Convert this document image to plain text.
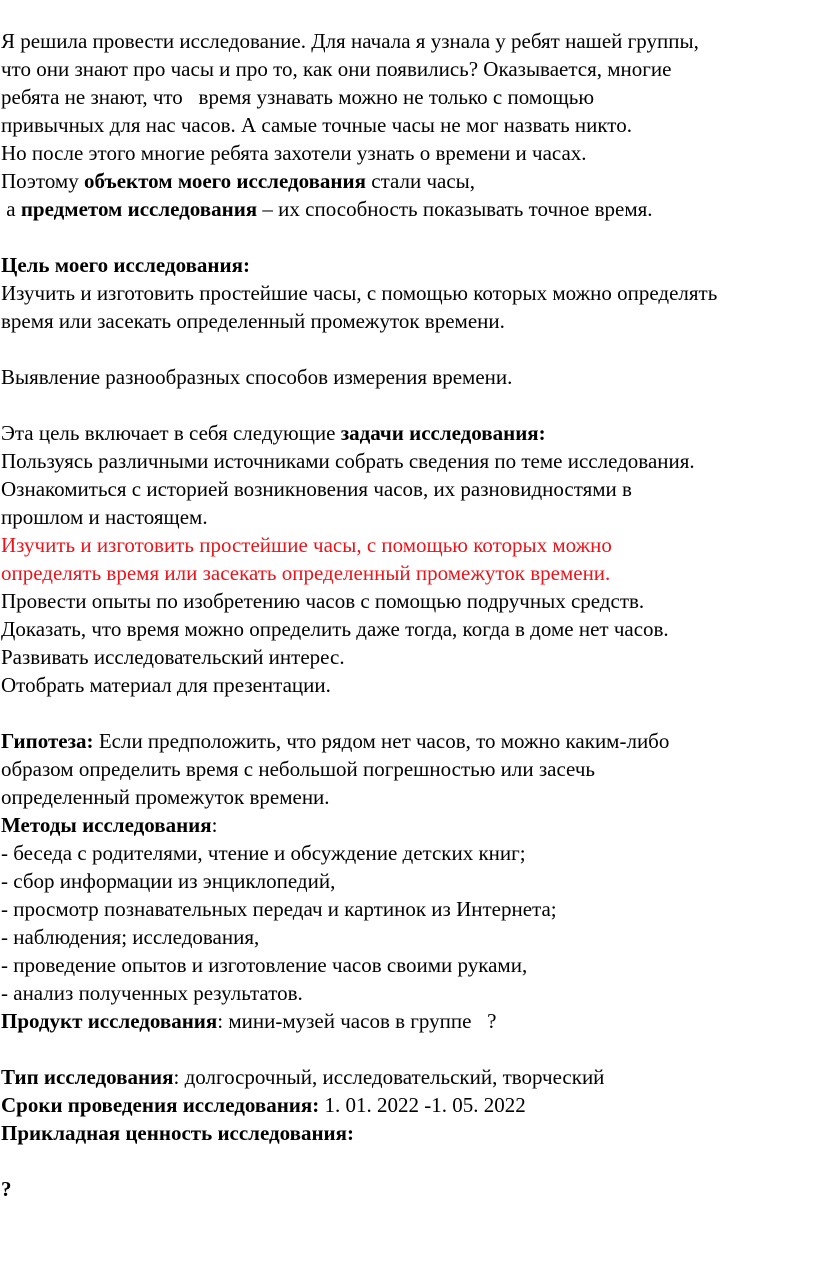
Я решила провести исследование. Для начала я узнала у ребят нашей группы,
что они знают про часы и про то, как они появились? Оказывается, многие
ребята не знают, что   время узнавать можно не только с помощью
привычных для нас часов. А самые точные часы не мог назвать никто.
Но после этого многие ребята захотели узнать о времени и часах.
Поэтому объектом моего исследования стали часы,
а предметом исследования – их способность показывать точное время.
Цель моего исследования:
Изучить и изготовить простейшие часы, с помощью которых можно определять
время или засекать определенный промежуток времени.
Выявление разнообразных способов измерения времени.
Эта цель включает в себя следующие задачи исследования:
Пользуясь различными источниками собрать сведения по теме исследования.
Ознакомиться с историей возникновения часов, их разновидностями в
прошлом и настоящем.
Изучить и изготовить простейшие часы, с помощью которых можно
определять время или засекать определенный промежуток времени.
Провести опыты по изобретению часов с помощью подручных средств.
Доказать, что время можно определить даже тогда, когда в доме нет часов.
Развивать исследовательский интерес.
Отобрать материал для презентации.
Гипотеза: Если предположить, что рядом нет часов, то можно каким-либо
образом определить время с небольшой погрешностью или засечь
определенный промежуток времени.
Методы исследования:
- беседа с родителями, чтение и обсуждение детских книг;
- сбор информации из энциклопедий,
- просмотр познавательных передач и картинок из Интернета;
- наблюдения; исследования,
- проведение опытов и изготовление часов своими руками,
- анализ полученных результатов.
Продукт исследования: мини-музей часов в группе   ?
Тип исследования: долгосрочный, исследовательский, творческий
Сроки проведения исследования: 1. 01. 2022 -1. 05. 2022
Прикладная ценность исследования:
?
